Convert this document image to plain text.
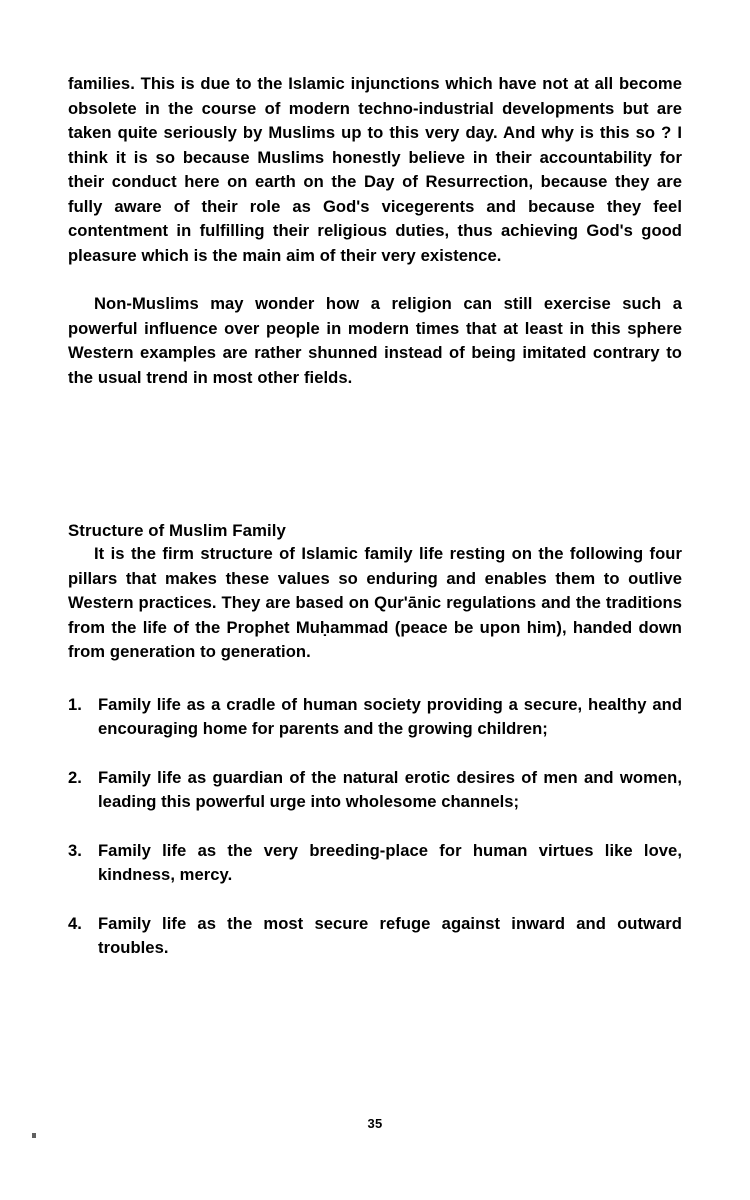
families. This is due to the Islamic injunctions which have not at all become obsolete in the course of modern techno-industrial developments but are taken quite seriously by Muslims up to this very day. And why is this so ? I think it is so because Muslims honestly believe in their accountability for their conduct here on earth on the Day of Resurrection, because they are fully aware of their role as God's vicegerents and because they feel contentment in fulfilling their religious duties, thus achieving God's good pleasure which is the main aim of their very existence.

Non-Muslims may wonder how a religion can still exercise such a powerful influence over people in modern times that at least in this sphere Western examples are rather shunned instead of being imitated contrary to the usual trend in most other fields.

Structure of Muslim Family

It is the firm structure of Islamic family life resting on the following four pillars that makes these values so enduring and enables them to outlive Western practices. They are based on Qur'ānic regulations and the traditions from the life of the Prophet Muḥammad (peace be upon him), handed down from generation to generation.

1. Family life as a cradle of human society providing a secure, healthy and encouraging home for parents and the growing children;
2. Family life as guardian of the natural erotic desires of men and women, leading this powerful urge into wholesome channels;
3. Family life as the very breeding-place for human virtues like love, kindness, mercy.
4. Family life as the most secure refuge against inward and outward troubles.
35
